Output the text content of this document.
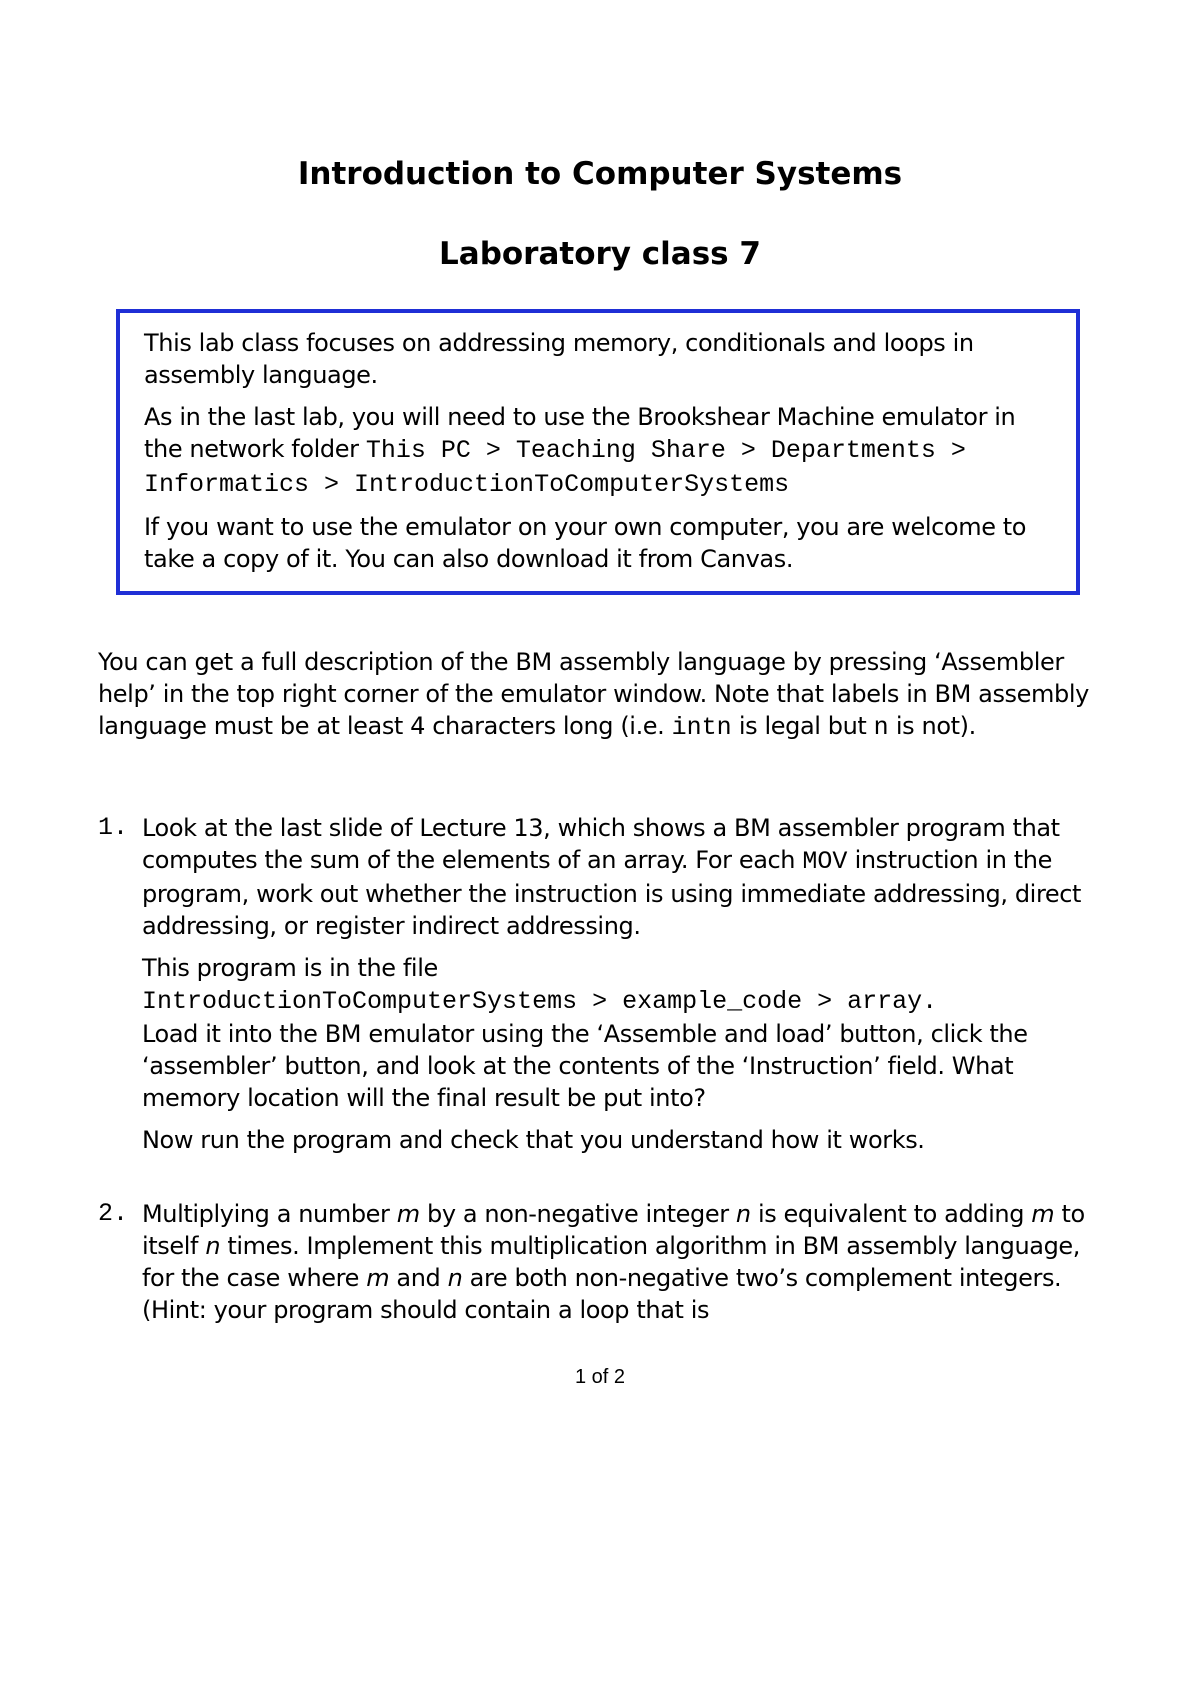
Introduction to Computer Systems
Laboratory class 7

This lab class focuses on addressing memory, conditionals and loops in assembly language.

As in the last lab, you will need to use the Brookshear Machine emulator in the network folder This PC > Teaching Share > Departments > Informatics > IntroductionToComputerSystems

If you want to use the emulator on your own computer, you are welcome to take a copy of it. You can also download it from Canvas.

You can get a full description of the BM assembly language by pressing ‘Assembler help’ in the top right corner of the emulator window. Note that labels in BM assembly language must be at least 4 characters long (i.e. intn is legal but n is not).

1. Look at the last slide of Lecture 13, which shows a BM assembler program that computes the sum of the elements of an array. For each MOV instruction in the program, work out whether the instruction is using immediate addressing, direct addressing, or register indirect addressing.

This program is in the file
IntroductionToComputerSystems > example_code > array.
Load it into the BM emulator using the ‘Assemble and load’ button, click the ‘assembler’ button, and look at the contents of the ‘Instruction’ field. What memory location will the final result be put into?

Now run the program and check that you understand how it works.

2. Multiplying a number m by a non-negative integer n is equivalent to adding m to itself n times. Implement this multiplication algorithm in BM assembly language, for the case where m and n are both non-negative two’s complement integers. (Hint: your program should contain a loop that is

1 of 2
